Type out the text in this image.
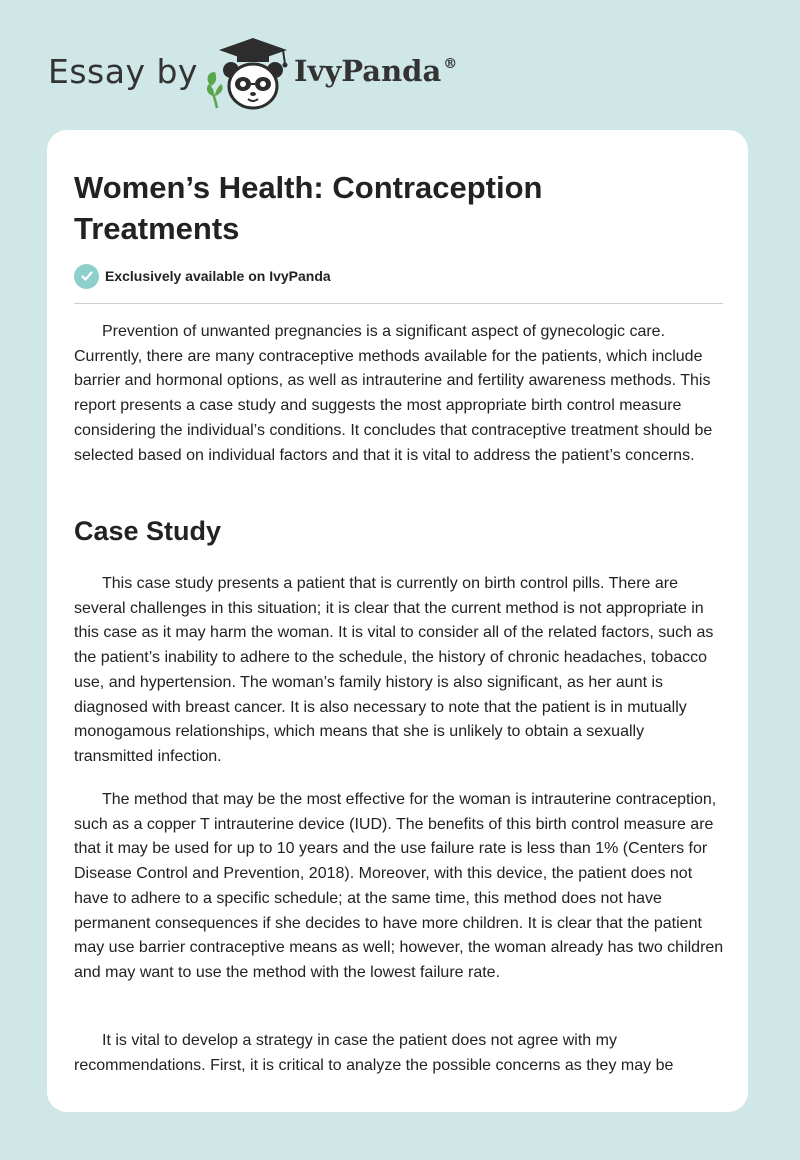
Essay by	IvyPanda ®
Women’s Health: Contraception Treatments
Exclusively available on IvyPanda

Prevention of unwanted pregnancies is a significant aspect of gynecologic care. Currently, there are many contraceptive methods available for the patients, which include barrier and hormonal options, as well as intrauterine and fertility awareness methods. This report presents a case study and suggests the most appropriate birth control measure considering the individual’s conditions. It concludes that contraceptive treatment should be selected based on individual factors and that it is vital to address the patient’s concerns.

Case Study

This case study presents a patient that is currently on birth control pills. There are several challenges in this situation; it is clear that the current method is not appropriate in this case as it may harm the woman. It is vital to consider all of the related factors, such as the patient’s inability to adhere to the schedule, the history of chronic headaches, tobacco use, and hypertension. The woman’s family history is also significant, as her aunt is diagnosed with breast cancer. It is also necessary to note that the patient is in mutually monogamous relationships, which means that she is unlikely to obtain a sexually transmitted infection.

The method that may be the most effective for the woman is intrauterine contraception, such as a copper T intrauterine device (IUD). The benefits of this birth control measure are that it may be used for up to 10 years and the use failure rate is less than 1% (Centers for Disease Control and Prevention, 2018). Moreover, with this device, the patient does not have to adhere to a specific schedule; at the same time, this method does not have permanent consequences if she decides to have more children. It is clear that the patient may use barrier contraceptive means as well; however, the woman already has two children and may want to use the method with the lowest failure rate.

It is vital to develop a strategy in case the patient does not agree with my recommendations. First, it is critical to analyze the possible concerns as they may be
